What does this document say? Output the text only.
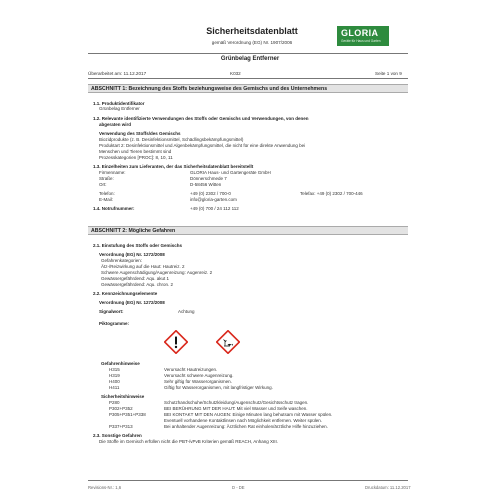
Sicherheitsdatenblatt
gemäß Verordnung (EG) Nr. 1907/2006
GLORIA
Geräte für Haus und Garten
Grünbelag Entferner
Überarbeitet am: 11.12.2017	K032	Seite 1 von 9
ABSCHNITT 1: Bezeichnung des Stoffs beziehungsweise des Gemischs und des Unternehmens
1.1. Produktidentifikator
Grünbelag Entferner
1.2. Relevante identifizierte Verwendungen des Stoffs oder Gemischs und Verwendungen, von denen
abgeraten wird
Verwendung des Stoffs/des Gemischs
Biozidprodukte (z. B. Desinfektionsmittel, Schädlingsbekämpfungsmittel)
Produktart 2: Desinfektionsmittel und Algenbekämpfungsmittel, die nicht für eine direkte Anwendung bei
Menschen und Tieren bestimmt sind
Prozesskategorien [PROC]: 8, 10, 11
1.3. Einzelheiten zum Lieferanten, der das Sicherheitsdatenblatt bereitstellt
Firmenname:	GLORIA Haus- und Gartengeräte GmbH
Straße:	Dönnerschmede 7
Ort:	D-58456 Witten
Telefon:	+49 (0) 2302 / 700-0	Telefax: +49 (0) 2302 / 700-446
E-Mail:	info@gloria-garten.com
1.4. Notrufnummer:	+49 (0) 700 / 24 112 112
ABSCHNITT 2: Mögliche Gefahren
2.1. Einstufung des Stoffs oder Gemischs
Verordnung (EG) Nr. 1272/2008
Gefahrenkategorien:
Ätz-/Reizwirkung auf die Haut: Hautreiz. 2
Schwere Augenschädigung/Augenreizung: Augenreiz. 2
Gewässergefährdend: Aqu. akut 1
Gewässergefährdend: Aqu. chron. 2
2.2. Kennzeichnungselemente
Verordnung (EG) Nr. 1272/2008
Signalwort:	Achtung
Piktogramme:
Gefahrenhinweise
H315	Verursacht Hautreizungen.
H319	Verursacht schwere Augenreizung.
H400	Sehr giftig für Wasserorganismen.
H411	Giftig für Wasserorganismen, mit langfristiger Wirkung.
Sicherheitshinweise
P280	Schutzhandschuhe/Schutzkleidung/Augenschutz/Gesichtsschutz tragen.
P302+P352	BEI BERÜHRUNG MIT DER HAUT: Mit viel Wasser und Seife waschen.
P305+P351+P338	BEI KONTAKT MIT DEN AUGEN: Einige Minuten lang behutsam mit Wasser spülen.
Eventuell vorhandene Kontaktlinsen nach Möglichkeit entfernen. Weiter spülen.
P337+P313	Bei anhaltender Augenreizung: Ärztlichen Rat einholen/ärztliche Hilfe hinzuziehen.
2.3. Sonstige Gefahren
Die Stoffe im Gemisch erfüllen nicht die PBT-/vPvB Kriterien gemäß REACH, Anhang XIII.
Revisions-Nr.: 1,6	D - DE	Druckdatum: 11.12.2017
